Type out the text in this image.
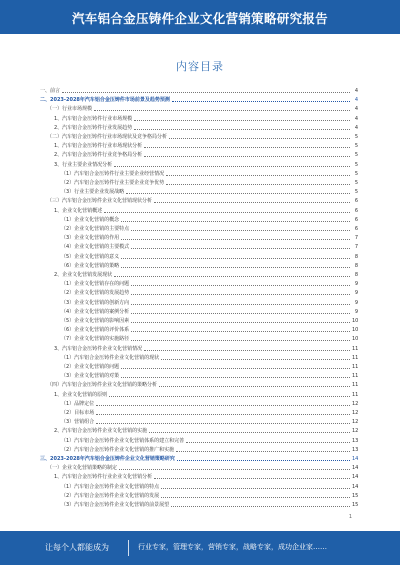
汽车铝合金压铸件企业文化营销策略研究报告
内容目录
一、前言	4
二、2023-2028年汽车铝合金压铸件市场前景及趋势预测	4
（一）行业市场规模	4
1、汽车铝合金压铸件行业市场规模	4
2、汽车铝合金压铸件行业发展趋势	4
（二）汽车铝合金压铸件行业市场现状及竞争格局分析	5
1、汽车铝合金压铸件行业市场现状分析	5
2、汽车铝合金压铸件行业竞争格局分析	5
3、行业主要企业情况分析	5
（1）汽车铝合金压铸件行业主要企业经营情况	5
（2）汽车铝合金压铸件行业主要企业竞争优势	5
（3）行业主要企业发展战略	5
（三）汽车铝合金压铸件企业文化营销现状分析	6
1、企业文化营销概述	6
（1）企业文化营销的概念	6
（2）企业文化营销的主要特点	6
（3）企业文化营销的作用	7
（4）企业文化营销的主要模式	7
（5）企业文化营销的意义	8
（6）企业文化营销的策略	8
2、企业文化营销发展现状	8
（1）企业文化营销存在的问题	9
（2）企业文化营销的发展趋势	9
（3）企业文化营销的创新方向	9
（4）企业文化营销的案例分析	9
（5）企业文化营销的影响因素	10
（6）企业文化营销的评价体系	10
（7）企业文化营销的实施路径	10
3、汽车铝合金压铸件企业文化营销情况	11
（1）汽车铝合金压铸件企业文化营销的现状	11
（2）企业文化营销的问题	11
（3）企业文化营销的对策	11
（四）汽车铝合金压铸件企业文化营销的策略分析	11
1、企业文化营销的原则	11
（1）品牌定位	12
（2）目标市场	12
（3）营销组合	12
2、汽车铝合金压铸件企业文化营销的实施	12
（1）汽车铝合金压铸件企业文化营销体系的建立和完善	13
（2）汽车铝合金压铸件企业文化营销的推广和实施	13
三、2023-2028年汽车铝合金压铸件企业文化营销策略研究	14
（一）企业文化营销策略的制定	14
1、汽车铝合金压铸件行业企业文化营销分析	14
（1）汽车铝合金压铸件企业文化营销的特点	14
（2）汽车铝合金压铸件企业文化营销的发展	15
（3）汽车铝合金压铸件企业文化营销的前景展望	15
1
让每个人都能成为	行业专家，管理专家，营销专家，战略专家，成功企业家……
